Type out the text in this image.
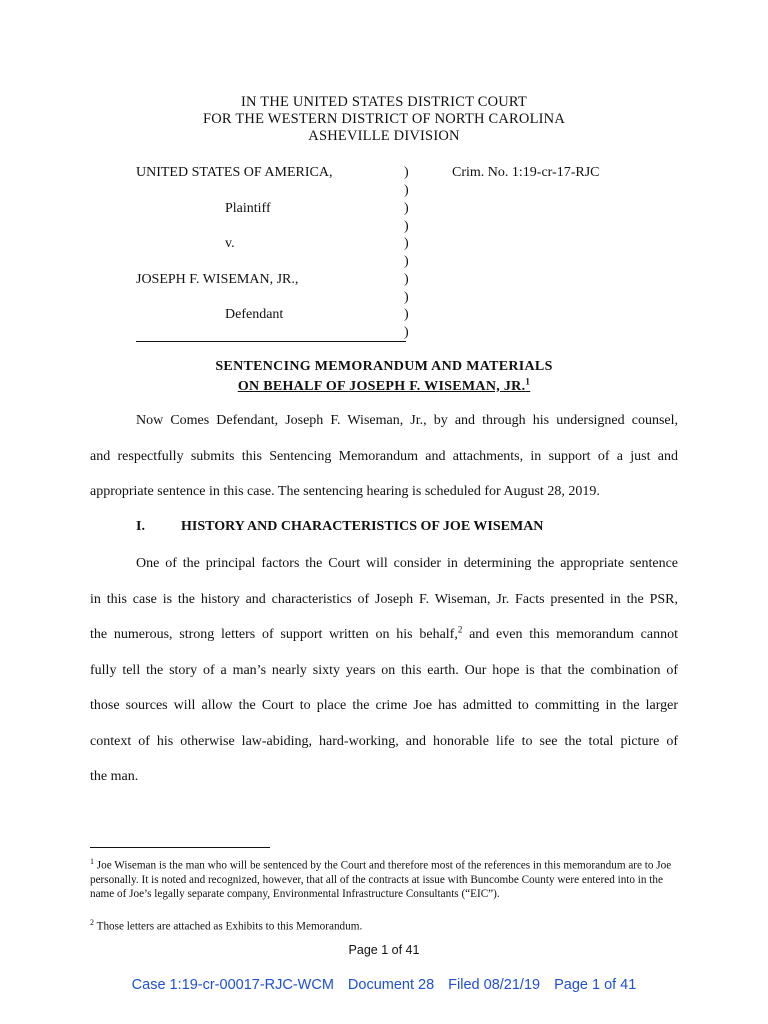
IN THE UNITED STATES DISTRICT COURT
FOR THE WESTERN DISTRICT OF NORTH CAROLINA
ASHEVILLE DIVISION
UNITED STATES OF AMERICA,
Plaintiff
v.
JOSEPH F. WISEMAN, JR.,
Defendant
Crim. No. 1:19-cr-17-RJC
)
)
)
)
)
)
)
)
)
)
SENTENCING MEMORANDUM AND MATERIALS
ON BEHALF OF JOSEPH F. WISEMAN, JR.$^1$
Now Comes Defendant, Joseph F. Wiseman, Jr., by and through his undersigned counsel,
and respectfully submits this Sentencing Memorandum and attachments, in support of a just and
appropriate sentence in this case. The sentencing hearing is scheduled for August 28, 2019.
I.	HISTORY AND CHARACTERISTICS OF JOE WISEMAN
One of the principal factors the Court will consider in determining the appropriate sentence
in this case is the history and characteristics of Joseph F. Wiseman, Jr. Facts presented in the PSR,
the numerous, strong letters of support written on his behalf,$^2$ and even this memorandum cannot
fully tell the story of a man’s nearly sixty years on this earth. Our hope is that the combination of
those sources will allow the Court to place the crime Joe has admitted to committing in the larger
context of his otherwise law-abiding, hard-working, and honorable life to see the total picture of
the man.
$^1$ Joe Wiseman is the man who will be sentenced by the Court and therefore most of the references in this memorandum are to Joe personally. It is noted and recognized, however, that all of the contracts at issue with Buncombe County were entered into in the name of Joe’s legally separate company, Environmental Infrastructure Consultants (“EIC”).
$^2$ Those letters are attached as Exhibits to this Memorandum.
Page 1 of 41
Case 1:19-cr-00017-RJC-WCM Document 28 Filed 08/21/19 Page 1 of 41
